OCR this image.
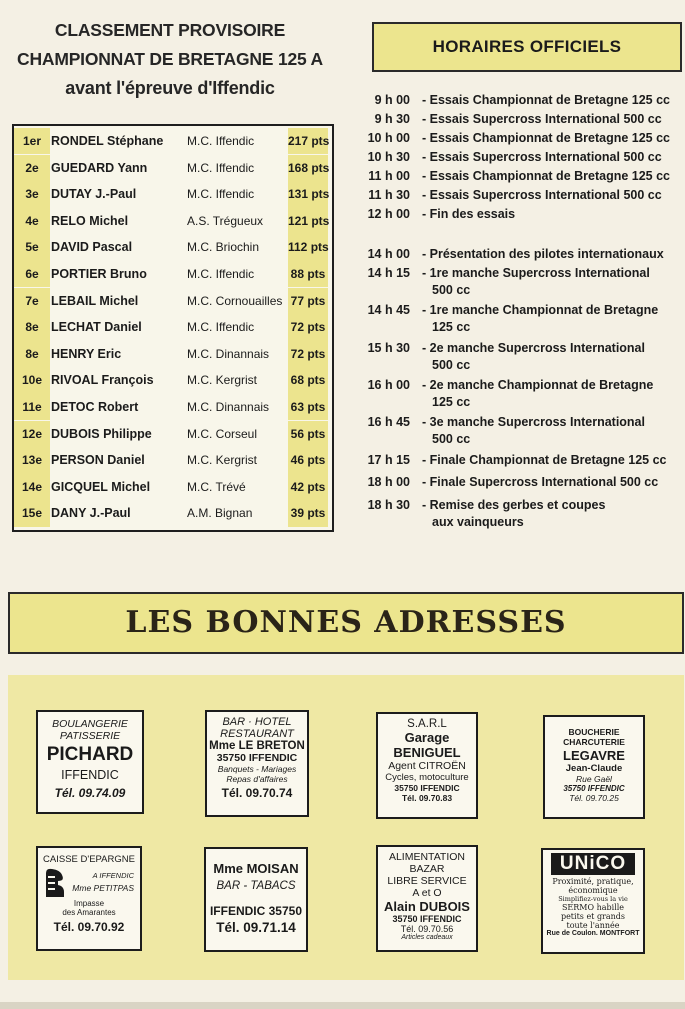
CLASSEMENT PROVISOIRE
CHAMPIONNAT DE BRETAGNE 125 A
avant l'épreuve d'Iffendic
1er RONDEL Stéphane	M.C. Iffendic	217 pts
2e GUEDARD Yann	M.C. Iffendic	168 pts
3e DUTAY J.-Paul	M.C. Iffendic	131 pts
4e RELO Michel	A.S. Trégueux	121 pts
5e DAVID Pascal	M.C. Briochin	112 pts
6e PORTIER Bruno	M.C. Iffendic	88 pts
7e LEBAIL Michel	M.C. Cornouailles 77 pts
8e LECHAT Daniel	M.C. Iffendic	72 pts
8e HENRY Eric	M.C. Dinannais	72 pts
10e RIVOAL François	M.C. Kergrist	68 pts
11e DETOC Robert	M.C. Dinannais	63 pts
12e DUBOIS Philippe	M.C. Corseul	56 pts
13e PERSON Daniel	M.C. Kergrist	46 pts
14e GICQUEL Michel	M.C. Trévé	42 pts
15e DANY J.-Paul	A.M. Bignan	39 pts
HORAIRES OFFICIELS
9 h 00 - Essais Championnat de Bretagne 125 cc
9 h 30 - Essais Supercross International 500 cc
10 h 00 - Essais Championnat de Bretagne 125 cc
10 h 30 - Essais Supercross International 500 cc
11 h 00 - Essais Championnat de Bretagne 125 cc
11 h 30 - Essais Supercross International 500 cc
12 h 00 - Fin des essais
14 h 00 - Présentation des pilotes internationaux
14 h 15 - 1re manche Supercross International
500 cc
14 h 45 - 1re manche Championnat de Bretagne
125 cc
15 h 30 - 2e manche Supercross International
500 cc
16 h 00 - 2e manche Championnat de Bretagne
125 cc
16 h 45 - 3e manche Supercross International
500 cc
17 h 15 - Finale Championnat de Bretagne 125 cc
18 h 00 - Finale Supercross International 500 cc
18 h 30 - Remise des gerbes et coupes
aux vainqueurs
LES BONNES ADRESSES
BOULANGERIE
PATISSERIE
PICHARD
IFFENDIC
Tél. 09.74.09
BAR · HOTEL
RESTAURANT
Mme LE BRETON
35750 IFFENDIC
Banquets - Mariages
Repas d'affaires
Tél. 09.70.74
S.A.R.L
Garage
BENIGUEL
Agent CITROËN
Cycles, motoculture
35750 IFFENDIC
Tél. 09.70.83
BOUCHERIE
CHARCUTERIE
LEGAVRE
Jean-Claude
Rue Gaël
35750 IFFENDIC
Tél. 09.70.25
CAISSE D'EPARGNE
A IFFENDIC
Mme PETITPAS
Impasse
des Amarantes
Tél. 09.70.92
Mme MOISAN
BAR - TABACS
IFFENDIC 35750
Tél. 09.71.14
ALIMENTATION
BAZAR
LIBRE SERVICE
A et O
Alain DUBOIS
35750 IFFENDIC
Tél. 09.70.56
Articles cadeaux
UNiCO
Proximité, pratique,
économique
Simplifiez-vous la vie
SERMO habille
petits et grands
toute l'année
Rue de Coulon. MONTFORT
